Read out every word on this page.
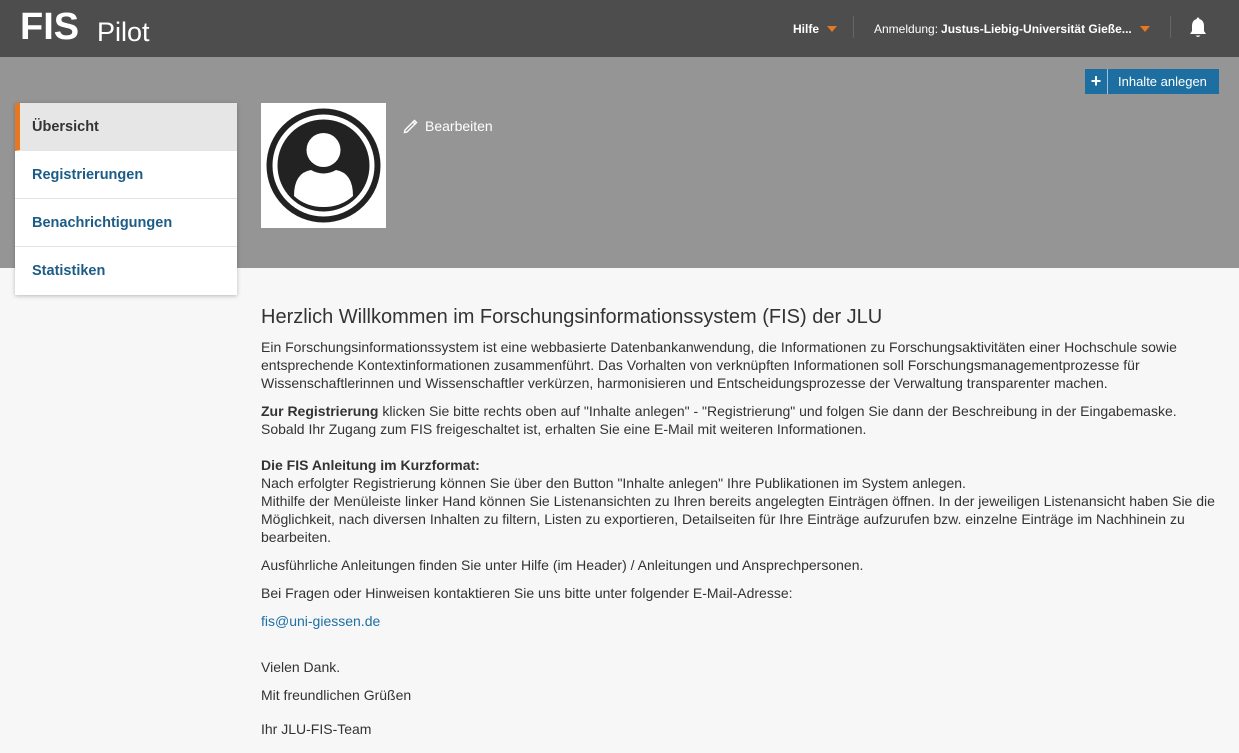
FIS Pilot	Hilfe	Anmeldung: Justus-Liebig-Universität Gieße...
+	Inhalte anlegen
Übersicht
Registrierungen
Benachrichtigungen
Statistiken
Bearbeiten
Herzlich Willkommen im Forschungsinformationssystem (FIS) der JLU

Ein Forschungsinformationssystem ist eine webbasierte Datenbankanwendung, die Informationen zu Forschungsaktivitäten einer Hochschule sowie entsprechende Kontextinformationen zusammenführt. Das Vorhalten von verknüpften Informationen soll Forschungsmanagementprozesse für Wissenschaftlerinnen und Wissenschaftler verkürzen, harmonisieren und Entscheidungsprozesse der Verwaltung transparenter machen.

Zur Registrierung klicken Sie bitte rechts oben auf "Inhalte anlegen" - "Registrierung" und folgen Sie dann der Beschreibung in der Eingabemaske. Sobald Ihr Zugang zum FIS freigeschaltet ist, erhalten Sie eine E-Mail mit weiteren Informationen.

Die FIS Anleitung im Kurzformat:
Nach erfolgter Registrierung können Sie über den Button "Inhalte anlegen" Ihre Publikationen im System anlegen.
Mithilfe der Menüleiste linker Hand können Sie Listenansichten zu Ihren bereits angelegten Einträgen öffnen. In der jeweiligen Listenansicht haben Sie die Möglichkeit, nach diversen Inhalten zu filtern, Listen zu exportieren, Detailseiten für Ihre Einträge aufzurufen bzw. einzelne Einträge im Nachhinein zu bearbeiten.

Ausführliche Anleitungen finden Sie unter Hilfe (im Header) / Anleitungen und Ansprechpersonen.

Bei Fragen oder Hinweisen kontaktieren Sie uns bitte unter folgender E-Mail-Adresse:

fis@uni-giessen.de

Vielen Dank.

Mit freundlichen Grüßen

Ihr JLU-FIS-Team
